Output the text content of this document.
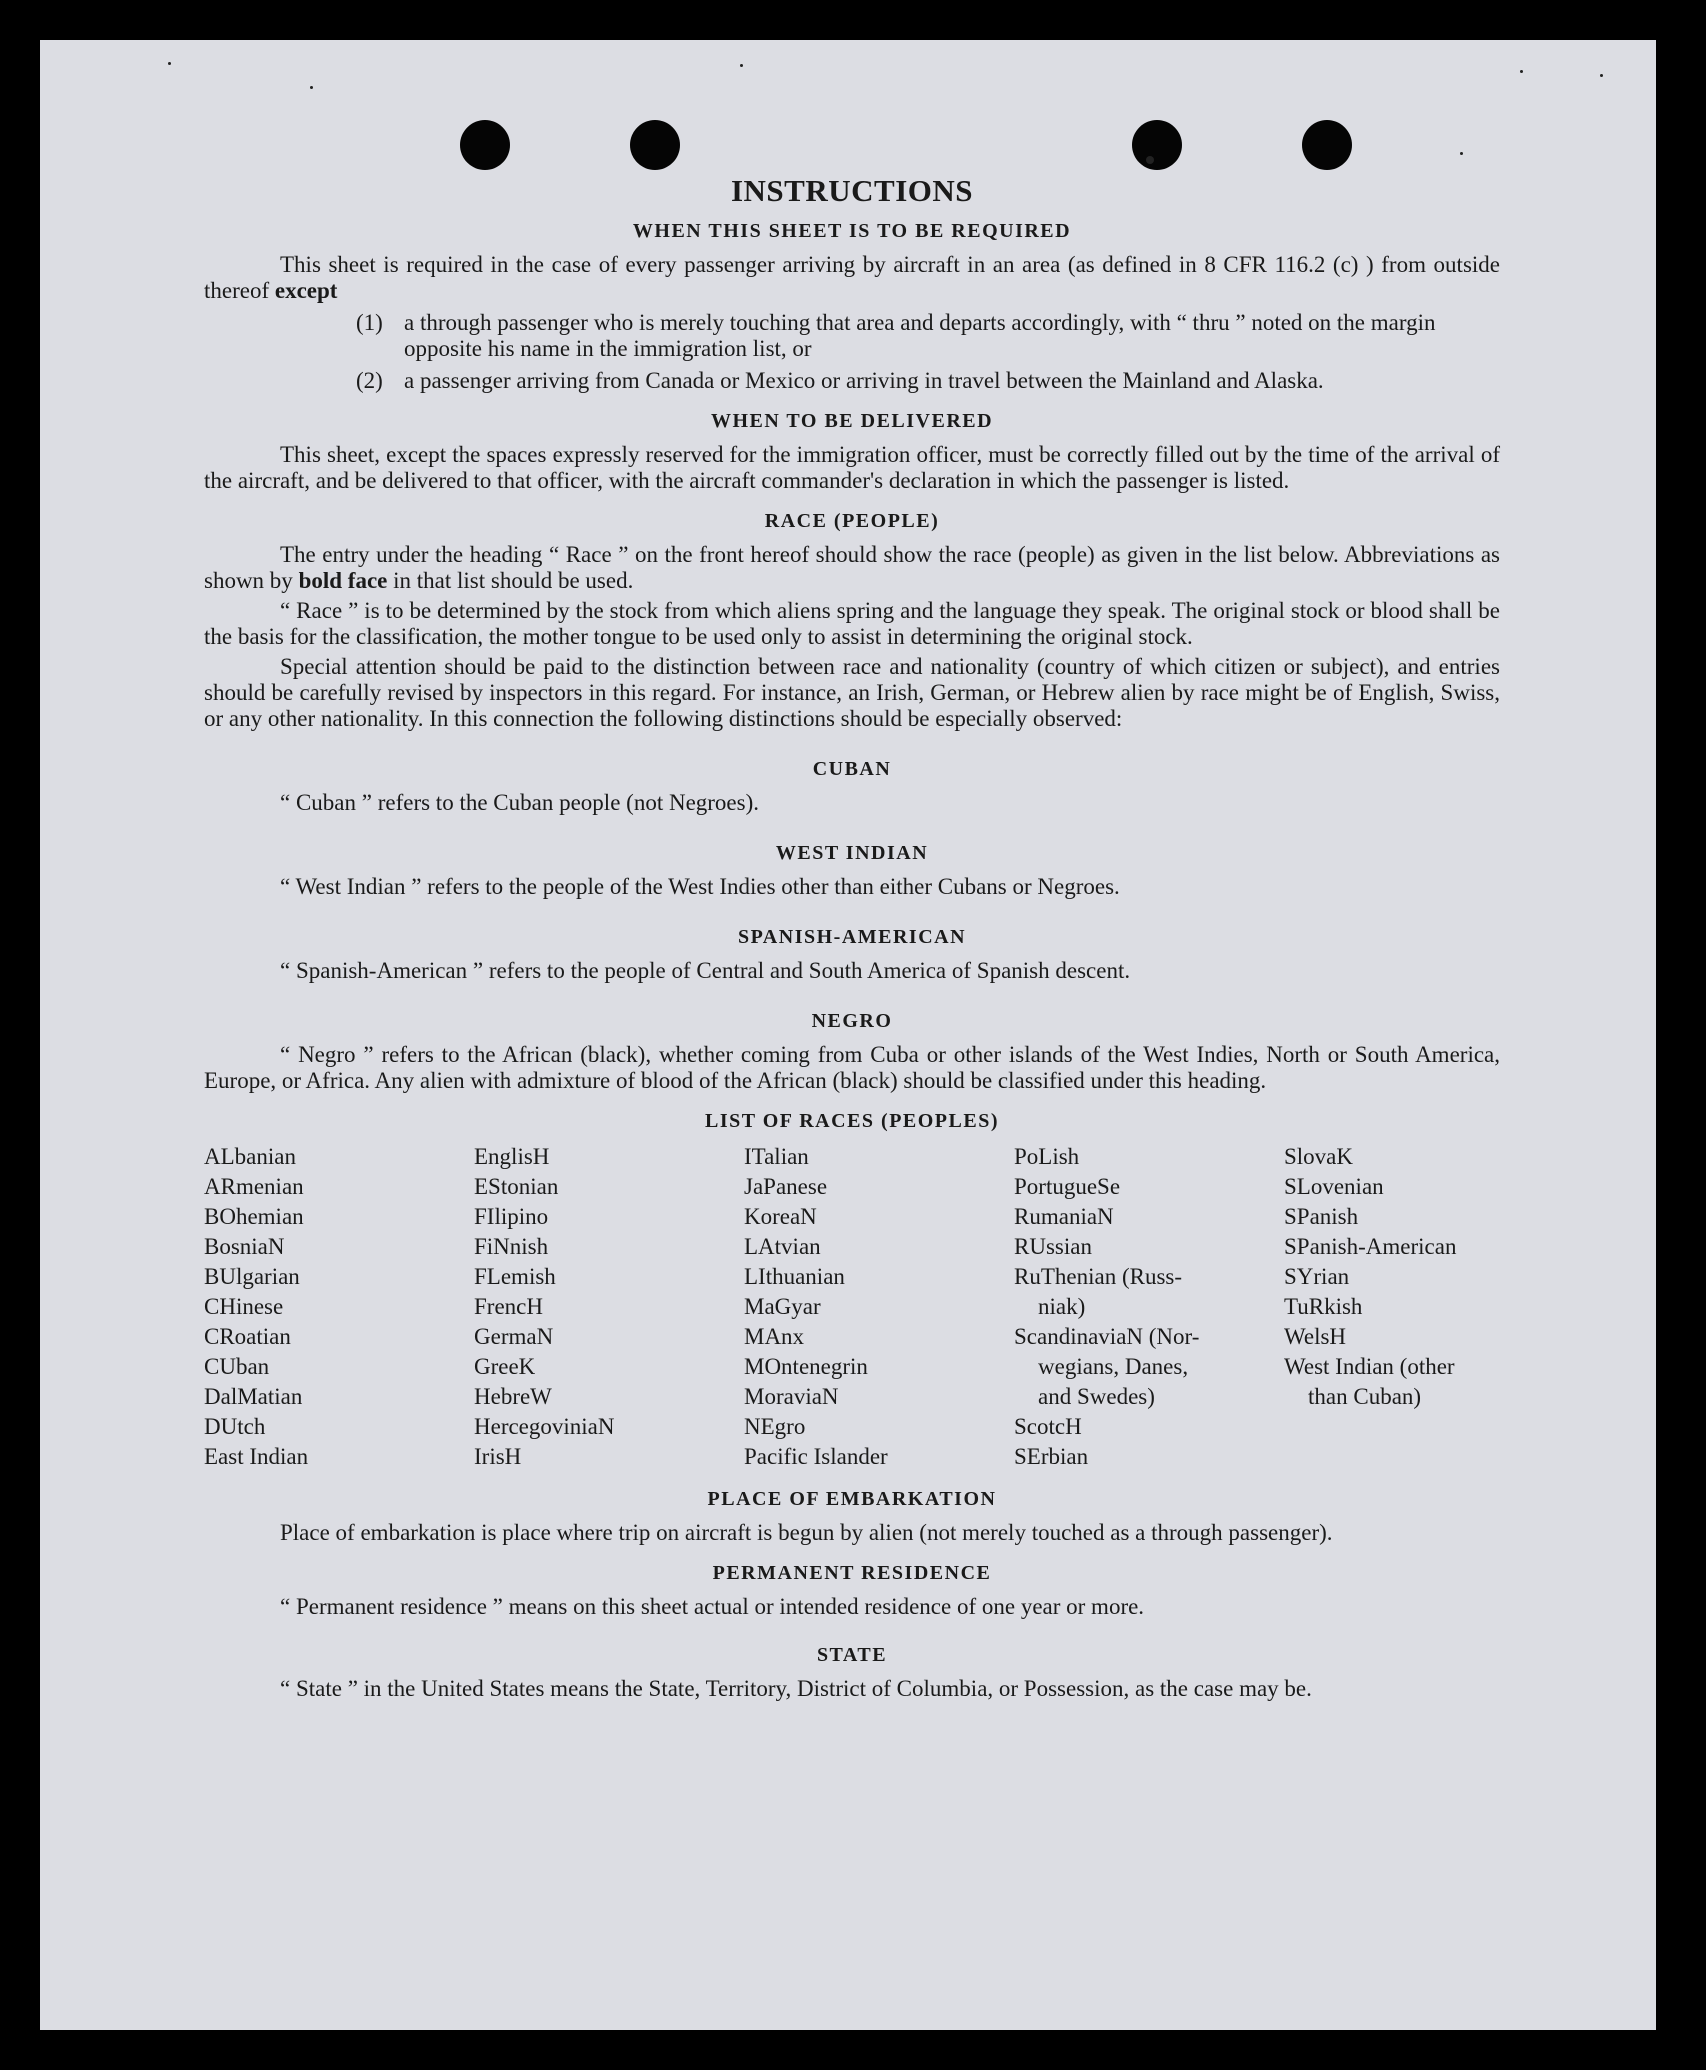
INSTRUCTIONS
WHEN THIS SHEET IS TO BE REQUIRED

This sheet is required in the case of every passenger arriving by aircraft in an area (as defined in 8 CFR 116.2 (c) ) from outside thereof except

(1) a through passenger who is merely touching that area and departs accordingly, with “ thru ” noted on the margin opposite his name in the immigration list, or
(2) a passenger arriving from Canada or Mexico or arriving in travel between the Mainland and Alaska.
WHEN TO BE DELIVERED

This sheet, except the spaces expressly reserved for the immigration officer, must be correctly filled out by the time of the arrival of the aircraft, and be delivered to that officer, with the aircraft commander's declaration in which the passenger is listed.

RACE (PEOPLE)

The entry under the heading “ Race ” on the front hereof should show the race (people) as given in the list below. Abbreviations as shown by bold face in that list should be used.

“ Race ” is to be determined by the stock from which aliens spring and the language they speak. The original stock or blood shall be the basis for the classification, the mother tongue to be used only to assist in determining the original stock.

Special attention should be paid to the distinction between race and nationality (country of which citizen or subject), and entries should be carefully revised by inspectors in this regard. For instance, an Irish, German, or Hebrew alien by race might be of English, Swiss, or any other nationality. In this connection the following distinctions should be especially observed:

CUBAN

“ Cuban ” refers to the Cuban people (not Negroes).

WEST INDIAN

“ West Indian ” refers to the people of the West Indies other than either Cubans or Negroes.

SPANISH-AMERICAN

“ Spanish-American ” refers to the people of Central and South America of Spanish descent.

NEGRO

“ Negro ” refers to the African (black), whether coming from Cuba or other islands of the West Indies, North or South America, Europe, or Africa. Any alien with admixture of blood of the African (black) should be classified under this heading.

LIST OF RACES (PEOPLES)
ALbanian
ARmenian
BOhemian
BosniaN
BUlgarian
CHinese
CRoatian
CUban
DalMatian
DUtch
East Indian
EnglisH
EStonian
FIlipino
FiNnish
FLemish
FrencH
GermaN
GreeK
HebreW
HercegoviniaN
IrisH
ITalian
JaPanese
KoreaN
LAtvian
LIthuanian
MaGyar
MAnx
MOntenegrin
MoraviaN
NEgro
Pacific Islander
PoLish
PortugueSe
RumaniaN
RUssian
RuThenian (Russ-
niak)
ScandinaviaN (Nor-
wegians, Danes,
and Swedes)
ScotcH
SErbian
SlovaK
SLovenian
SPanish
SPanish-American
SYrian
TuRkish
WelsH
West Indian (other
than Cuban)
PLACE OF EMBARKATION

Place of embarkation is place where trip on aircraft is begun by alien (not merely touched as a through passenger).

PERMANENT RESIDENCE

“ Permanent residence ” means on this sheet actual or intended residence of one year or more.

STATE

“ State ” in the United States means the State, Territory, District of Columbia, or Possession, as the case may be.
